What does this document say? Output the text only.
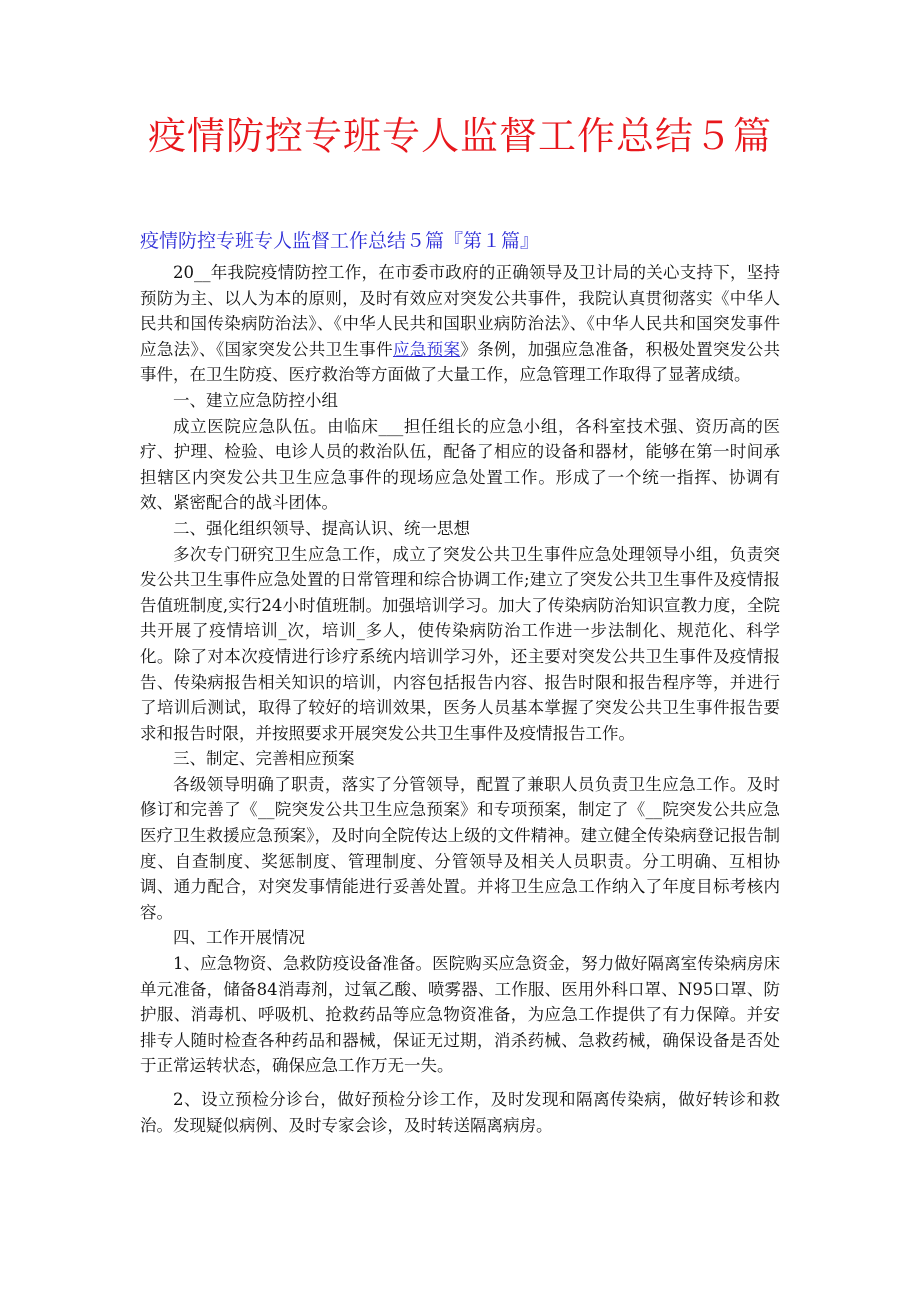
疫情防控专班专人监督工作总结５篇
疫情防控专班专人监督工作总结５篇『第１篇』

20__年我院疫情防控工作，在市委市政府的正确领导及卫计局的关心支持下，坚持预防为主、以人为本的原则，及时有效应对突发公共事件，我院认真贯彻落实《中华人民共和国传染病防治法》、《中华人民共和国职业病防治法》、《中华人民共和国突发事件应急法》、《国家突发公共卫生事件应急预案》条例，加强应急准备，积极处置突发公共事件，在卫生防疫、医疗救治等方面做了大量工作，应急管理工作取得了显著成绩。

一、建立应急防控小组

成立医院应急队伍。由临床___担任组长的应急小组，各科室技术强、资历高的医疗、护理、检验、电诊人员的救治队伍，配备了相应的设备和器材，能够在第一时间承担辖区内突发公共卫生应急事件的现场应急处置工作。形成了一个统一指挥、协调有效、紧密配合的战斗团体。

二、强化组织领导、提高认识、统一思想

多次专门研究卫生应急工作，成立了突发公共卫生事件应急处理领导小组，负责突发公共卫生事件应急处置的日常管理和综合协调工作;建立了突发公共卫生事件及疫情报告值班制度,实行24小时值班制。加强培训学习。加大了传染病防治知识宣教力度，全院共开展了疫情培训_次，培训_多人，使传染病防治工作进一步法制化、规范化、科学化。除了对本次疫情进行诊疗系统内培训学习外，还主要对突发公共卫生事件及疫情报告、传染病报告相关知识的培训，内容包括报告内容、报告时限和报告程序等，并进行了培训后测试，取得了较好的培训效果，医务人员基本掌握了突发公共卫生事件报告要求和报告时限，并按照要求开展突发公共卫生事件及疫情报告工作。

三、制定、完善相应预案

各级领导明确了职责，落实了分管领导，配置了兼职人员负责卫生应急工作。及时修订和完善了《__院突发公共卫生应急预案》和专项预案，制定了《__院突发公共应急医疗卫生救援应急预案》，及时向全院传达上级的文件精神。建立健全传染病登记报告制度、自查制度、奖惩制度、管理制度、分管领导及相关人员职责。分工明确、互相协调、通力配合，对突发事情能进行妥善处置。并将卫生应急工作纳入了年度目标考核内容。

四、工作开展情况

1、应急物资、急救防疫设备准备。医院购买应急资金，努力做好隔离室传染病房床单元准备，储备84消毒剂，过氧乙酸、喷雾器、工作服、医用外科口罩、N95口罩、防护服、消毒机、呼吸机、抢救药品等应急物资准备，为应急工作提供了有力保障。并安排专人随时检查各种药品和器械，保证无过期，消杀药械、急救药械，确保设备是否处于正常运转状态，确保应急工作万无一失。

2、设立预检分诊台，做好预检分诊工作，及时发现和隔离传染病，做好转诊和救治。发现疑似病例、及时专家会诊，及时转送隔离病房。
